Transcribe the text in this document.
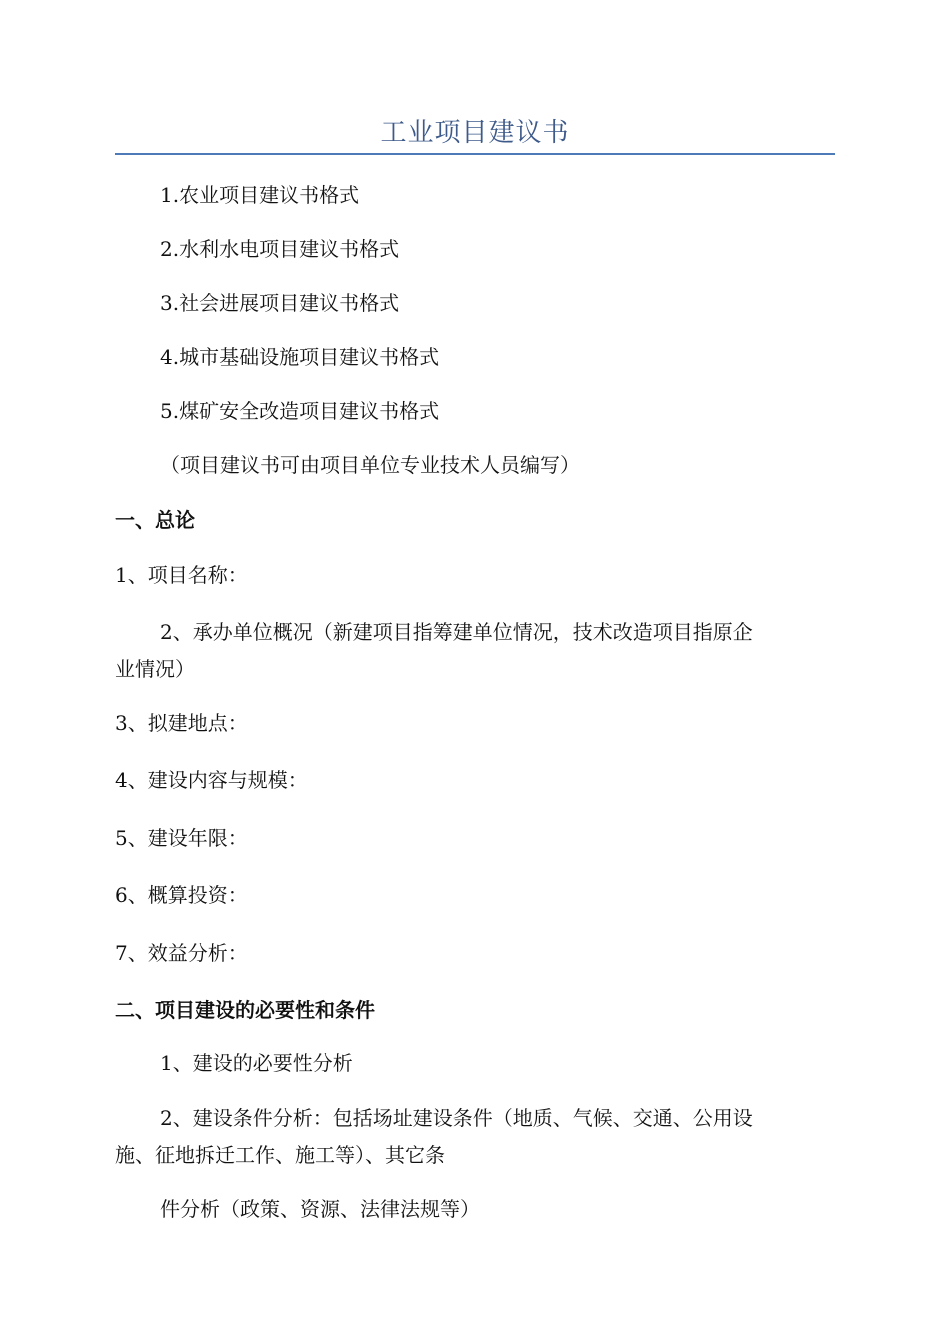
工业项目建议书
1.农业项目建议书格式
2.水利水电项目建议书格式
3.社会进展项目建议书格式
4.城市基础设施项目建议书格式
5.煤矿安全改造项目建议书格式
（项目建议书可由项目单位专业技术人员编写）
一、总论
1、项目名称：
2、承办单位概况（新建项目指筹建单位情况，技术改造项目指原企
业情况）
3、拟建地点：
4、建设内容与规模：
5、建设年限：
6、概算投资：
7、效益分析：
二、项目建设的必要性和条件
1、建设的必要性分析
2、建设条件分析：包括场址建设条件（地质、气候、交通、公用设
施、征地拆迁工作、施工等）、其它条
件分析（政策、资源、法律法规等）
